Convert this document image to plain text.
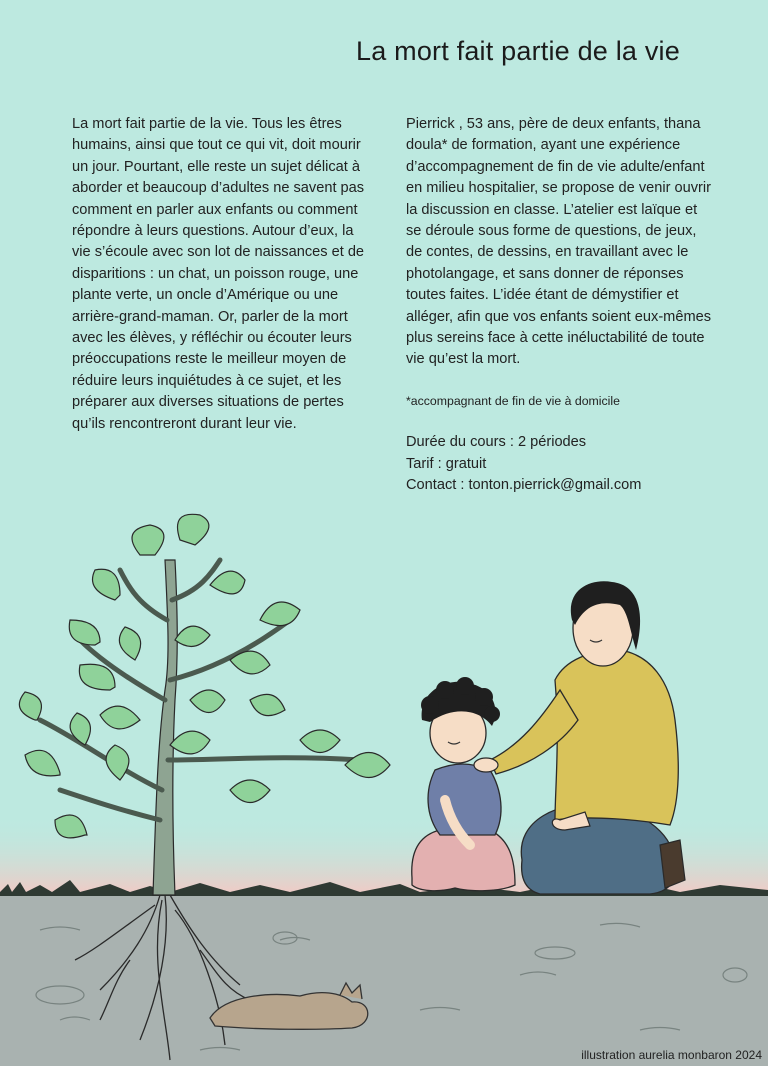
La mort fait partie de la vie

La mort fait partie de la vie. Tous les êtres humains, ainsi que tout ce qui vit, doit mourir un jour. Pourtant, elle reste un sujet délicat à aborder et beaucoup d’adultes ne savent pas comment en parler aux enfants ou comment répondre à leurs questions. Autour d’eux, la vie s’écoule avec son lot de naissances et de disparitions : un chat, un poisson rouge, une plante verte, un oncle d’Amérique ou une arrière-grand-maman. Or, parler de la mort avec les élèves, y réfléchir ou écouter leurs préoccupations reste le meilleur moyen de réduire leurs inquiétudes à ce sujet, et les préparer aux diverses situations de pertes qu’ils rencontreront durant leur vie.

Pierrick , 53 ans, père de deux enfants, thana doula* de formation, ayant une expérience d’accompagnement de fin de vie adulte/enfant en milieu hospitalier, se propose de venir ouvrir la discussion en classe. L’atelier est laïque et se déroule sous forme de questions, de jeux, de contes, de dessins, en travaillant avec le photolangage, et sans donner de réponses toutes faites. L’idée étant de démystifier et alléger, afin que vos enfants soient eux-mêmes plus sereins face à cette inéluctabilité de toute vie qu’est la mort.

*accompagnant de fin de vie à domicile

Durée du cours : 2 périodes
Tarif : gratuit
Contact : tonton.pierrick@gmail.com

illustration aurelia monbaron 2024
